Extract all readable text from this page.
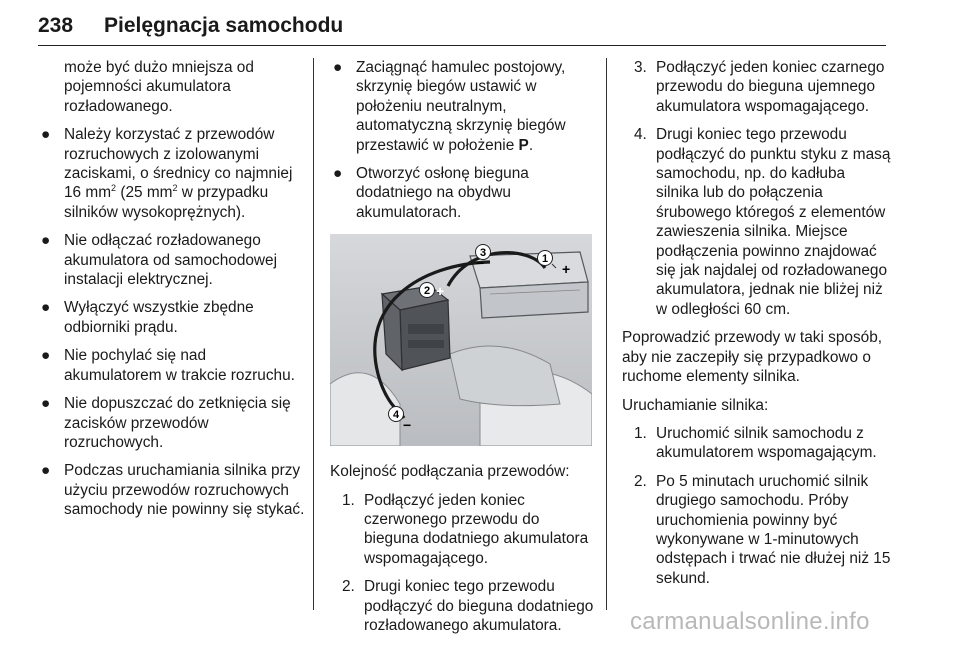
238 Pielęgnacja samochodu
może być dużo mniejsza od pojemności akumulatora rozładowanego.
● Należy korzystać z przewodów rozruchowych z izolowanymi zaciskami, o średnicy co najmniej 16 $mm^2$ (25 $mm^2$ w przypadku silników wysokoprężnych).
● Nie odłączać rozładowanego akumulatora od samochodowej instalacji elektrycznej.
● Wyłączyć wszystkie zbędne odbiorniki prądu.
● Nie pochylać się nad akumulatorem w trakcie rozruchu.
● Nie dopuszczać do zetknięcia się zacisków przewodów rozruchowych.
● Podczas uruchamiania silnika przy użyciu przewodów rozruchowych samochody nie powinny się stykać.
● Zaciągnąć hamulec postojowy, skrzynię biegów ustawić w położeniu neutralnym, automatyczną skrzynię biegów przestawić w położenie P.
● Otworzyć osłonę bieguna dodatniego na obydwu akumulatorach.
1
+
3
−
2 +
4
−

Kolejność podłączania przewodów:

1. Podłączyć jeden koniec czerwonego przewodu do bieguna dodatniego akumulatora wspomagającego.
2. Drugi koniec tego przewodu podłączyć do bieguna dodatniego rozładowanego akumulatora.
3. Podłączyć jeden koniec czarnego przewodu do bieguna ujemnego akumulatora wspomagającego.
4. Drugi koniec tego przewodu podłączyć do punktu styku z masą samochodu, np. do kadłuba silnika lub do połączenia śrubowego któregoś z elementów zawieszenia silnika. Miejsce podłączenia powinno znajdować się jak najdalej od rozładowanego akumulatora, jednak nie bliżej niż w odległości 60 cm.

Poprowadzić przewody w taki sposób, aby nie zaczepiły się przypadkowo o ruchome elementy silnika.

Uruchamianie silnika:

1. Uruchomić silnik samochodu z akumulatorem wspomagającym.
2. Po 5 minutach uruchomić silnik drugiego samochodu. Próby uruchomienia powinny być wykonywane w 1-minutowych odstępach i trwać nie dłużej niż 15 sekund.
carmanualsonline.info
